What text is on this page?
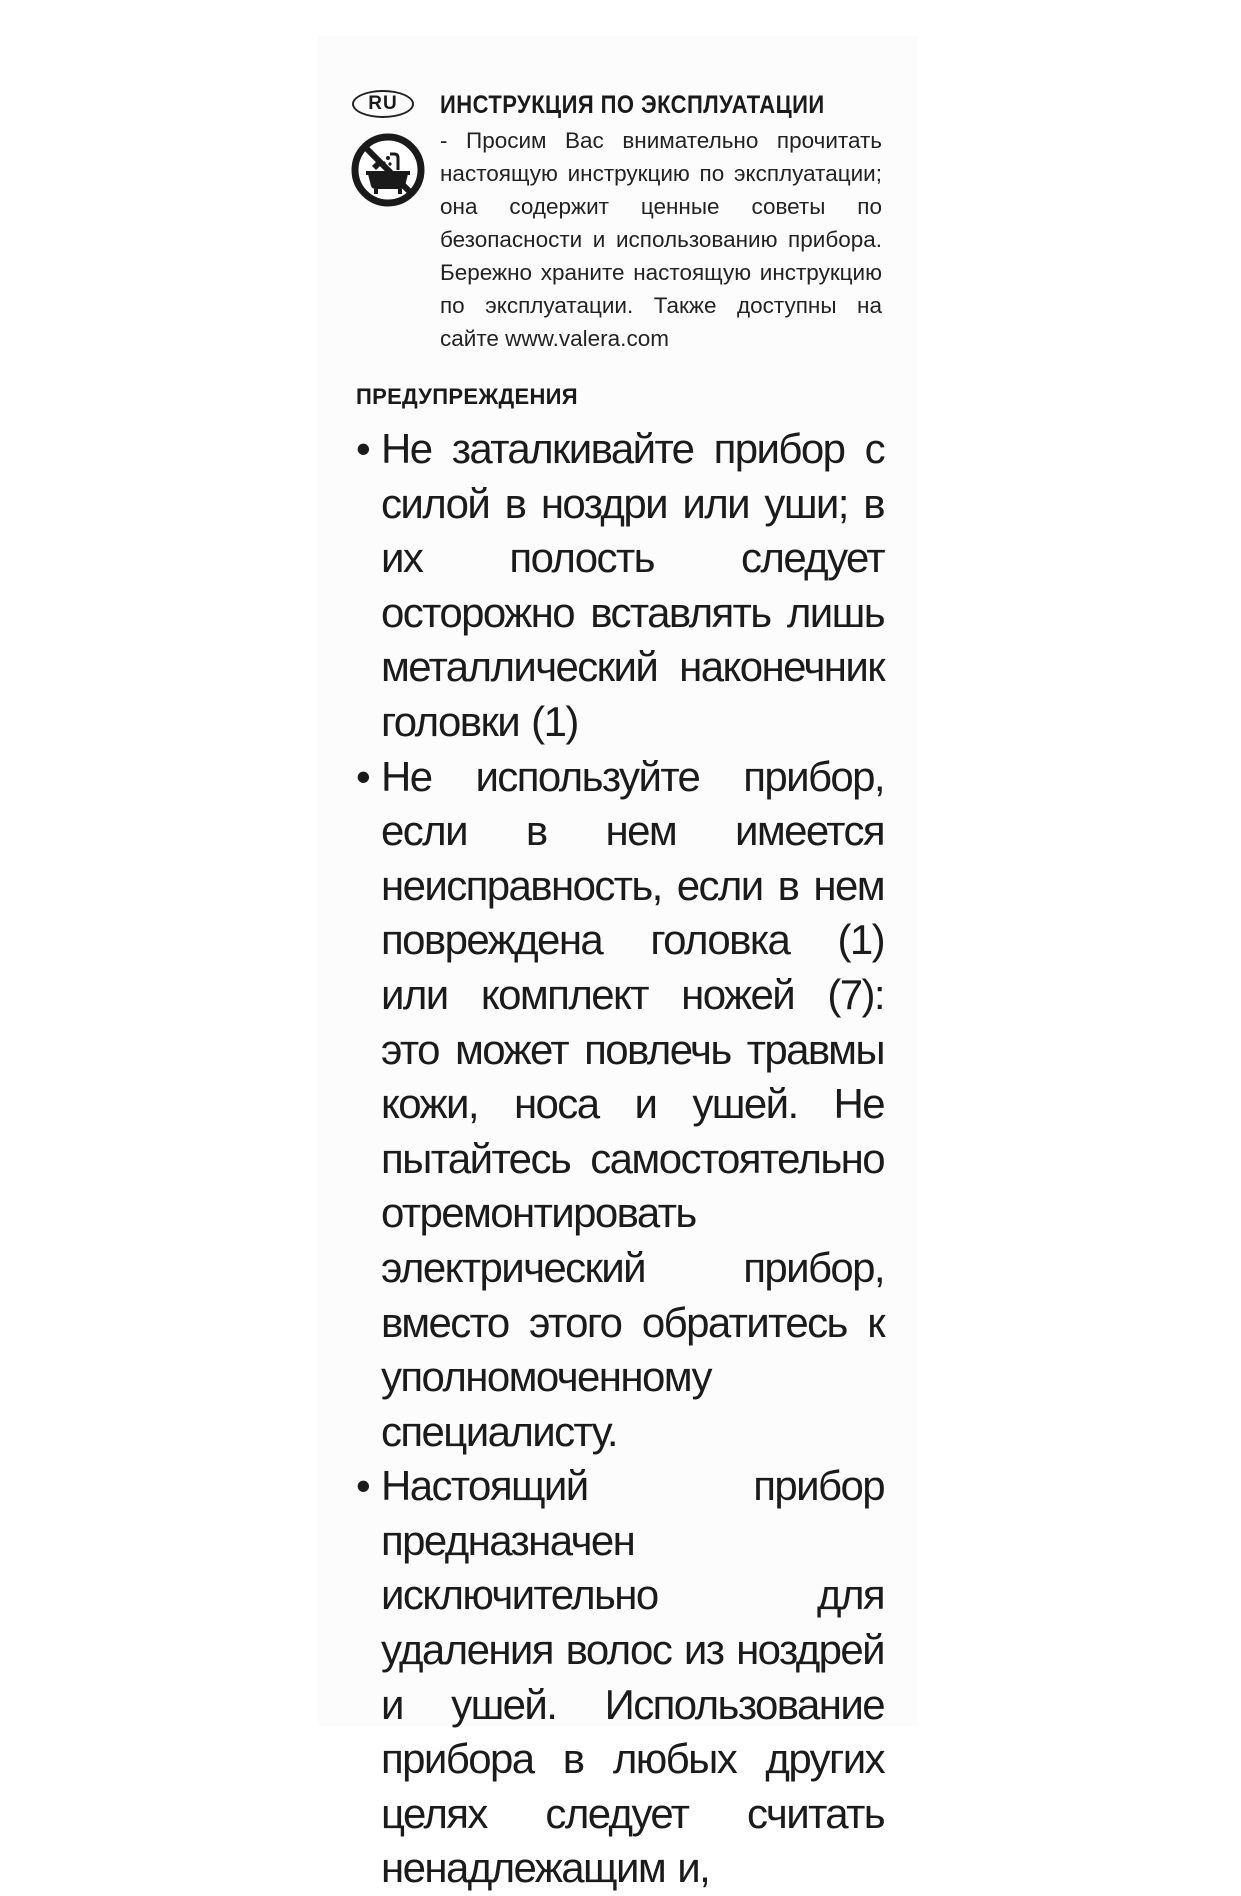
RU	ИНСТРУКЦИЯ ПО ЭКСПЛУАТАЦИИ

- Просим Вас внимательно прочитать настоящую инструкцию по эксплуатации; она содержит ценные советы по безопасности и использованию прибора. Бережно храните настоящую инструкцию по эксплуатации. Также доступны на сайте www.valera.com

ПРЕДУПРЕЖДЕНИЯ
• Не заталкивайте прибор с силой в ноздри или уши; в их полость следует осторожно вставлять лишь металлический наконечник головки (1)
• Не используйте прибор, если в нем имеется неисправность, если в нем повреждена головка (1) или комплект ножей (7): это может повлечь травмы кожи, носа и ушей. Не пытайтесь самостоятельно отремонтировать электрический прибор, вместо этого обратитесь к уполномоченному специалисту.
• Настоящий прибор предназначен исключительно для удаления волос из ноздрей и ушей. Использование прибора в любых других целях следует считать ненадлежащим и,
